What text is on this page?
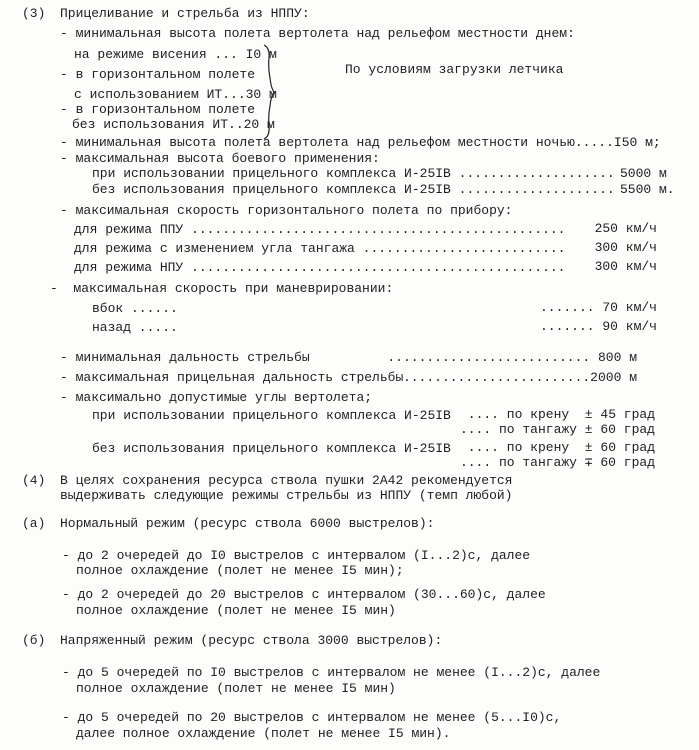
(3) Прицеливание и стрельба из НППУ:
- минимальная высота полета вертолета над рельефом местности днем:
на режиме висения ... I0 м
- в горизонтальном полете
с использованием ИТ...30 м
- в горизонтальном полете
без использования ИТ..20 м
По условиям загрузки летчика
- минимальная высота полета вертолета над рельефом местности ночью.....I50 м;
- максимальная высота боевого применения:
при использовании прицельного комплекса И-25IВ .................... 5000 м
без использования прицельного комплекса И-25IВ .................... 5500 м.
- максимальная скорость горизонтального полета по прибору:
для режима ППУ ................................................ 250 км/ч
для режима с изменением угла тангажа .......................... 300 км/ч
для режима НПУ ................................................ 300 км/ч
-  максимальная скорость при маневрировании:
вбок ......	....... 70 км/ч
назад .....	....... 90 км/ч
- минимальная дальность стрельбы	.......................... 800 м
- максимальная прицельная дальность стрельбы ........................2000 м
- максимально допустимые углы вертолета;
при использовании прицельного комплекса И-25IВ .... по крену  ± 45 град
.... по тангажу ± 60 град
без использования прицельного комплекса И-25IВ .... по крену  ± 60 град
.... по тангажу ∓ 60 град
(4) В целях сохранения ресурса ствола пушки 2А42 рекомендуется
выдерживать следующие режимы стрельбы из НППУ (темп любой)
(а) Нормальный режим (ресурс ствола 6000 выстрелов):
- до 2 очередей до I0 выстрелов с интервалом (I...2)с, далее
полное охлаждение (полет не менее I5 мин);
- до 2 очередей до 20 выстрелов с интервалом (30...60)с, далее
полное охлаждение (полет не менее I5 мин)
(б) Напряженный режим (ресурс ствола 3000 выстрелов):
- до 5 очередей по I0 выстрелов с интервалом не менее (I...2)с, далее
полное охлаждение (полет не менее I5 мин)
- до 5 очередей по 20 выстрелов с интервалом не менее (5...I0)с,
далее полное охлаждение (полет не менее I5 мин).
